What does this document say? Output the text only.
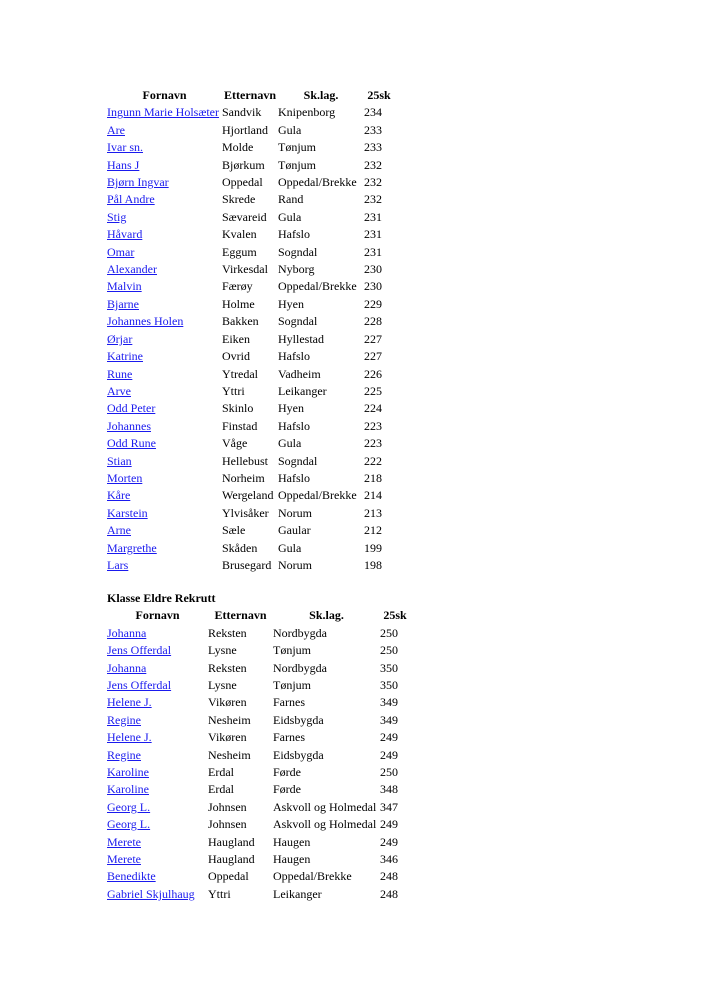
Fornavn	Etternavn	Sk.lag.	25sk
Ingunn Marie Holsæter	Sandvik	Knipenborg	234
Are	Hjortland	Gula	233
Ivar sn.	Molde	Tønjum	233
Hans J	Bjørkum	Tønjum	232
Bjørn Ingvar	Oppedal	Oppedal/Brekke	232
Pål Andre	Skrede	Rand	232
Stig	Sævareid	Gula	231
Håvard	Kvalen	Hafslo	231
Omar	Eggum	Sogndal	231
Alexander	Virkesdal	Nyborg	230
Malvin	Færøy	Oppedal/Brekke	230
Bjarne	Holme	Hyen	229
Johannes Holen	Bakken	Sogndal	228
Ørjar	Eiken	Hyllestad	227
Katrine	Ovrid	Hafslo	227
Rune	Ytredal	Vadheim	226
Arve	Yttri	Leikanger	225
Odd Peter	Skinlo	Hyen	224
Johannes	Finstad	Hafslo	223
Odd Rune	Våge	Gula	223
Stian	Hellebust	Sogndal	222
Morten	Norheim	Hafslo	218
Kåre	Wergeland	Oppedal/Brekke	214
Karstein	Ylvisåker	Norum	213
Arne	Sæle	Gaular	212
Margrethe	Skåden	Gula	199
Lars	Brusegard	Norum	198
Klasse Eldre Rekrutt
Fornavn	Etternavn	Sk.lag.	25sk
Johanna	Reksten	Nordbygda	250
Jens Offerdal	Lysne	Tønjum	250
Johanna	Reksten	Nordbygda	350
Jens Offerdal	Lysne	Tønjum	350
Helene J.	Vikøren	Farnes	349
Regine	Nesheim	Eidsbygda	349
Helene J.	Vikøren	Farnes	249
Regine	Nesheim	Eidsbygda	249
Karoline	Erdal	Førde	250
Karoline	Erdal	Førde	348
Georg L.	Johnsen	Askvoll og Holmedal	347
Georg L.	Johnsen	Askvoll og Holmedal	249
Merete	Haugland	Haugen	249
Merete	Haugland	Haugen	346
Benedikte	Oppedal	Oppedal/Brekke	248
Gabriel Skjulhaug	Yttri	Leikanger	248
